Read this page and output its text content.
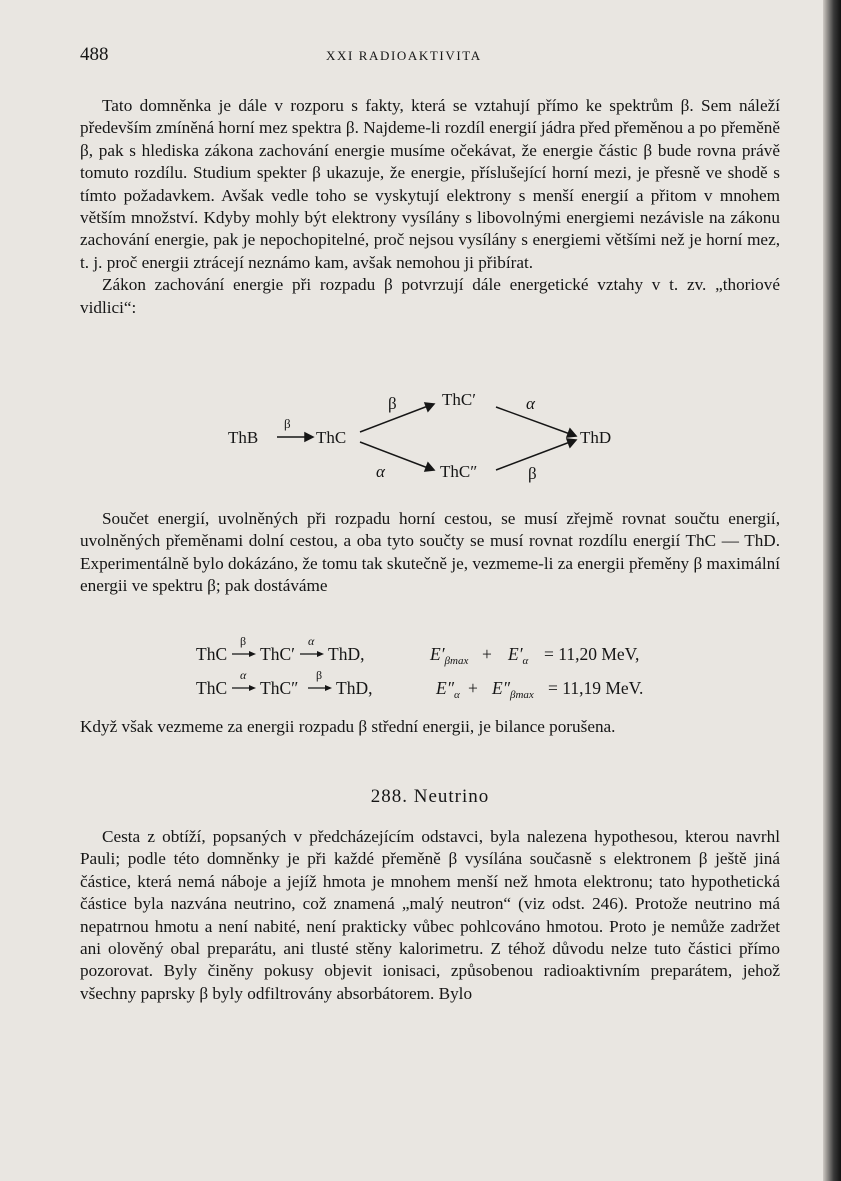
488	XXI RADIOAKTIVITA

Tato domněnka je dále v rozporu s fakty, která se vztahují přímo ke spektrům β. Sem náleží především zmíněná horní mez spektra β. Najdeme-li rozdíl energií jádra před přeměnou a po přeměně β, pak s hlediska zákona zachování energie musíme očekávat, že energie částic β bude rovna právě tomuto rozdílu. Studium spekter β ukazuje, že energie, příslušející horní mezi, je přesně ve shodě s tímto požadavkem. Avšak vedle toho se vyskytují elektrony s menší energií a přitom v mnohem větším množství. Kdyby mohly být elektrony vysílány s libovolnými energiemi nezávisle na zákonu zachování energie, pak je nepochopitelné, proč nejsou vysílány s energiemi většími než je horní mez, t. j. proč energii ztrácejí neznámo kam, avšak nemohou ji přibírat.

Zákon zachování energie při rozpadu β potvrzují dále energetické vztahy v t. zv. „thoriové vidlici“:

ThB
β
ThC
β	ThC′	α
ThD
α	ThC″	β

Součet energií, uvolněných při rozpadu horní cestou, se musí zřejmě rovnat součtu energií, uvolněných přeměnami dolní cestou, a oba tyto součty se musí rovnat rozdílu energií ThC — ThD. Experimentálně bylo dokázáno, že tomu tak skutečně je, vezmeme-li za energii přeměny β maximální energii ve spektru β; pak dostáváme

ThC
β
ThC′
α
ThD,	$E'_{\beta max} + E'_\alpha = 11,20$ MeV,
ThC
α
ThC″
β
ThD,	$E''_\alpha + E''_{\beta max} = 11,19$ MeV.

Když však vezmeme za energii rozpadu β střední energii, je bilance porušena.

288. Neutrino

Cesta z obtíží, popsaných v předcházejícím odstavci, byla nalezena hypothesou, kterou navrhl Pauli; podle této domněnky je při každé přeměně β vysílána současně s elektronem β ještě jiná částice, která nemá náboje a jejíž hmota je mnohem menší než hmota elektronu; tato hypothetická částice byla nazvána neutrino, což znamená „malý neutron“ (viz odst. 246). Protože neutrino má nepatrnou hmotu a není nabité, není prakticky vůbec pohlcováno hmotou. Proto je nemůže zadržet ani olověný obal preparátu, ani tlusté stěny kalorimetru. Z téhož důvodu nelze tuto částici přímo pozorovat. Byly činěny pokusy objevit ionisaci, způsobenou radioaktivním preparátem, jehož všechny paprsky β byly odfiltrovány absorbátorem. Bylo
